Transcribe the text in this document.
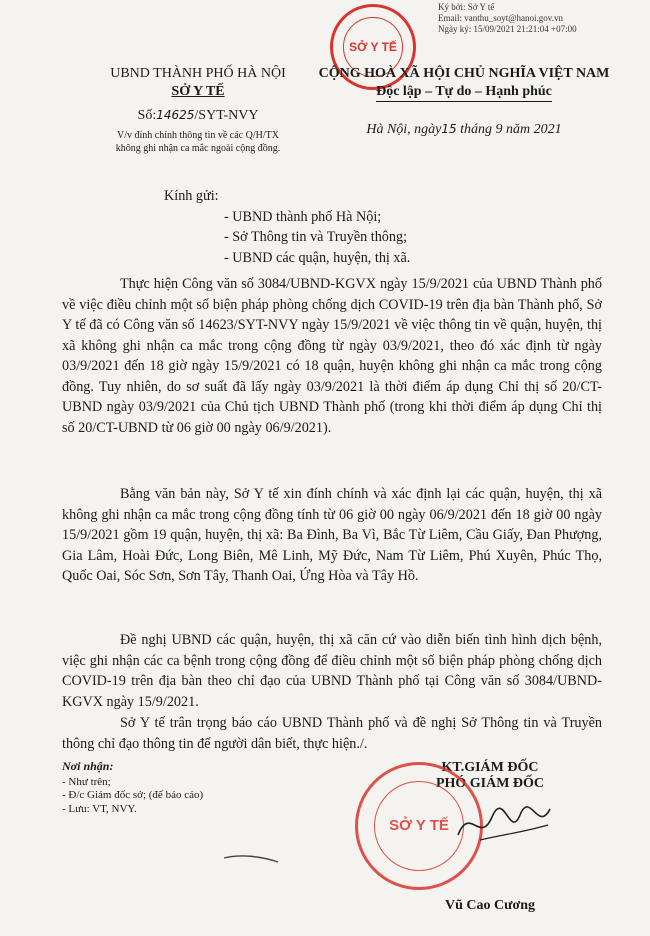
Ký bởi: Sở Y tế
Email: vanthu_soyt@hanoi.gov.vn
Ngày ký: 15/09/2021 21:21:04 +07:00
SỞ Y TẾ
UBND THÀNH PHỐ HÀ NỘI
SỞ Y TẾ
Số:14625/SYT-NVY
V/v đính chính thông tin về các Q/H/TX
không ghi nhận ca mắc ngoài cộng đồng.
CỘNG HOÀ XÃ HỘI CHỦ NGHĨA VIỆT NAM
Độc lập – Tự do – Hạnh phúc
Hà Nội, ngày15 tháng 9 năm 2021
Kính gửi:
- UBND thành phố Hà Nội;
- Sở Thông tin và Truyền thông;
- UBND các quận, huyện, thị xã.
Thực hiện Công văn số 3084/UBND-KGVX ngày 15/9/2021 của UBND Thành phố về việc điều chỉnh một số biện pháp phòng chống dịch COVID-19 trên địa bàn Thành phố, Sở Y tế đã có Công văn số 14623/SYT-NVY ngày 15/9/2021 về việc thông tin về quận, huyện, thị xã không ghi nhận ca mắc trong cộng đồng từ ngày 03/9/2021, theo đó xác định từ ngày 03/9/2021 đến 18 giờ ngày 15/9/2021 có 18 quận, huyện không ghi nhận ca mắc trong cộng đồng. Tuy nhiên, do sơ suất đã lấy ngày 03/9/2021 là thời điểm áp dụng Chỉ thị số 20/CT-UBND ngày 03/9/2021 của Chủ tịch UBND Thành phố (trong khi thời điểm áp dụng Chỉ thị số 20/CT-UBND từ 06 giờ 00 ngày 06/9/2021).
Bằng văn bản này, Sở Y tế xin đính chính và xác định lại các quận, huyện, thị xã không ghi nhận ca mắc trong cộng đồng tính từ 06 giờ 00 ngày 06/9/2021 đến 18 giờ 00 ngày 15/9/2021 gồm 19 quận, huyện, thị xã: Ba Đình, Ba Vì, Bắc Từ Liêm, Cầu Giấy, Đan Phượng, Gia Lâm, Hoài Đức, Long Biên, Mê Linh, Mỹ Đức, Nam Từ Liêm, Phú Xuyên, Phúc Thọ, Quốc Oai, Sóc Sơn, Sơn Tây, Thanh Oai, Ứng Hòa và Tây Hồ.
Đề nghị UBND các quận, huyện, thị xã căn cứ vào diễn biến tình hình dịch bệnh, việc ghi nhận các ca bệnh trong cộng đồng để điều chỉnh một số biện pháp phòng chống dịch COVID-19 trên địa bàn theo chỉ đạo của UBND Thành phố tại Công văn số 3084/UBND-KGVX ngày 15/9/2021.
Sở Y tế trân trọng báo cáo UBND Thành phố và đề nghị Sở Thông tin và Truyền thông chỉ đạo thông tin để người dân biết, thực hiện./.
Nơi nhận:
- Như trên;
- Đ/c Giám đốc sở; (để báo cáo)
- Lưu: VT, NVY.
KT.GIÁM ĐỐC
PHÓ GIÁM ĐỐC
SỞ Y TẾ
Vũ Cao Cương
